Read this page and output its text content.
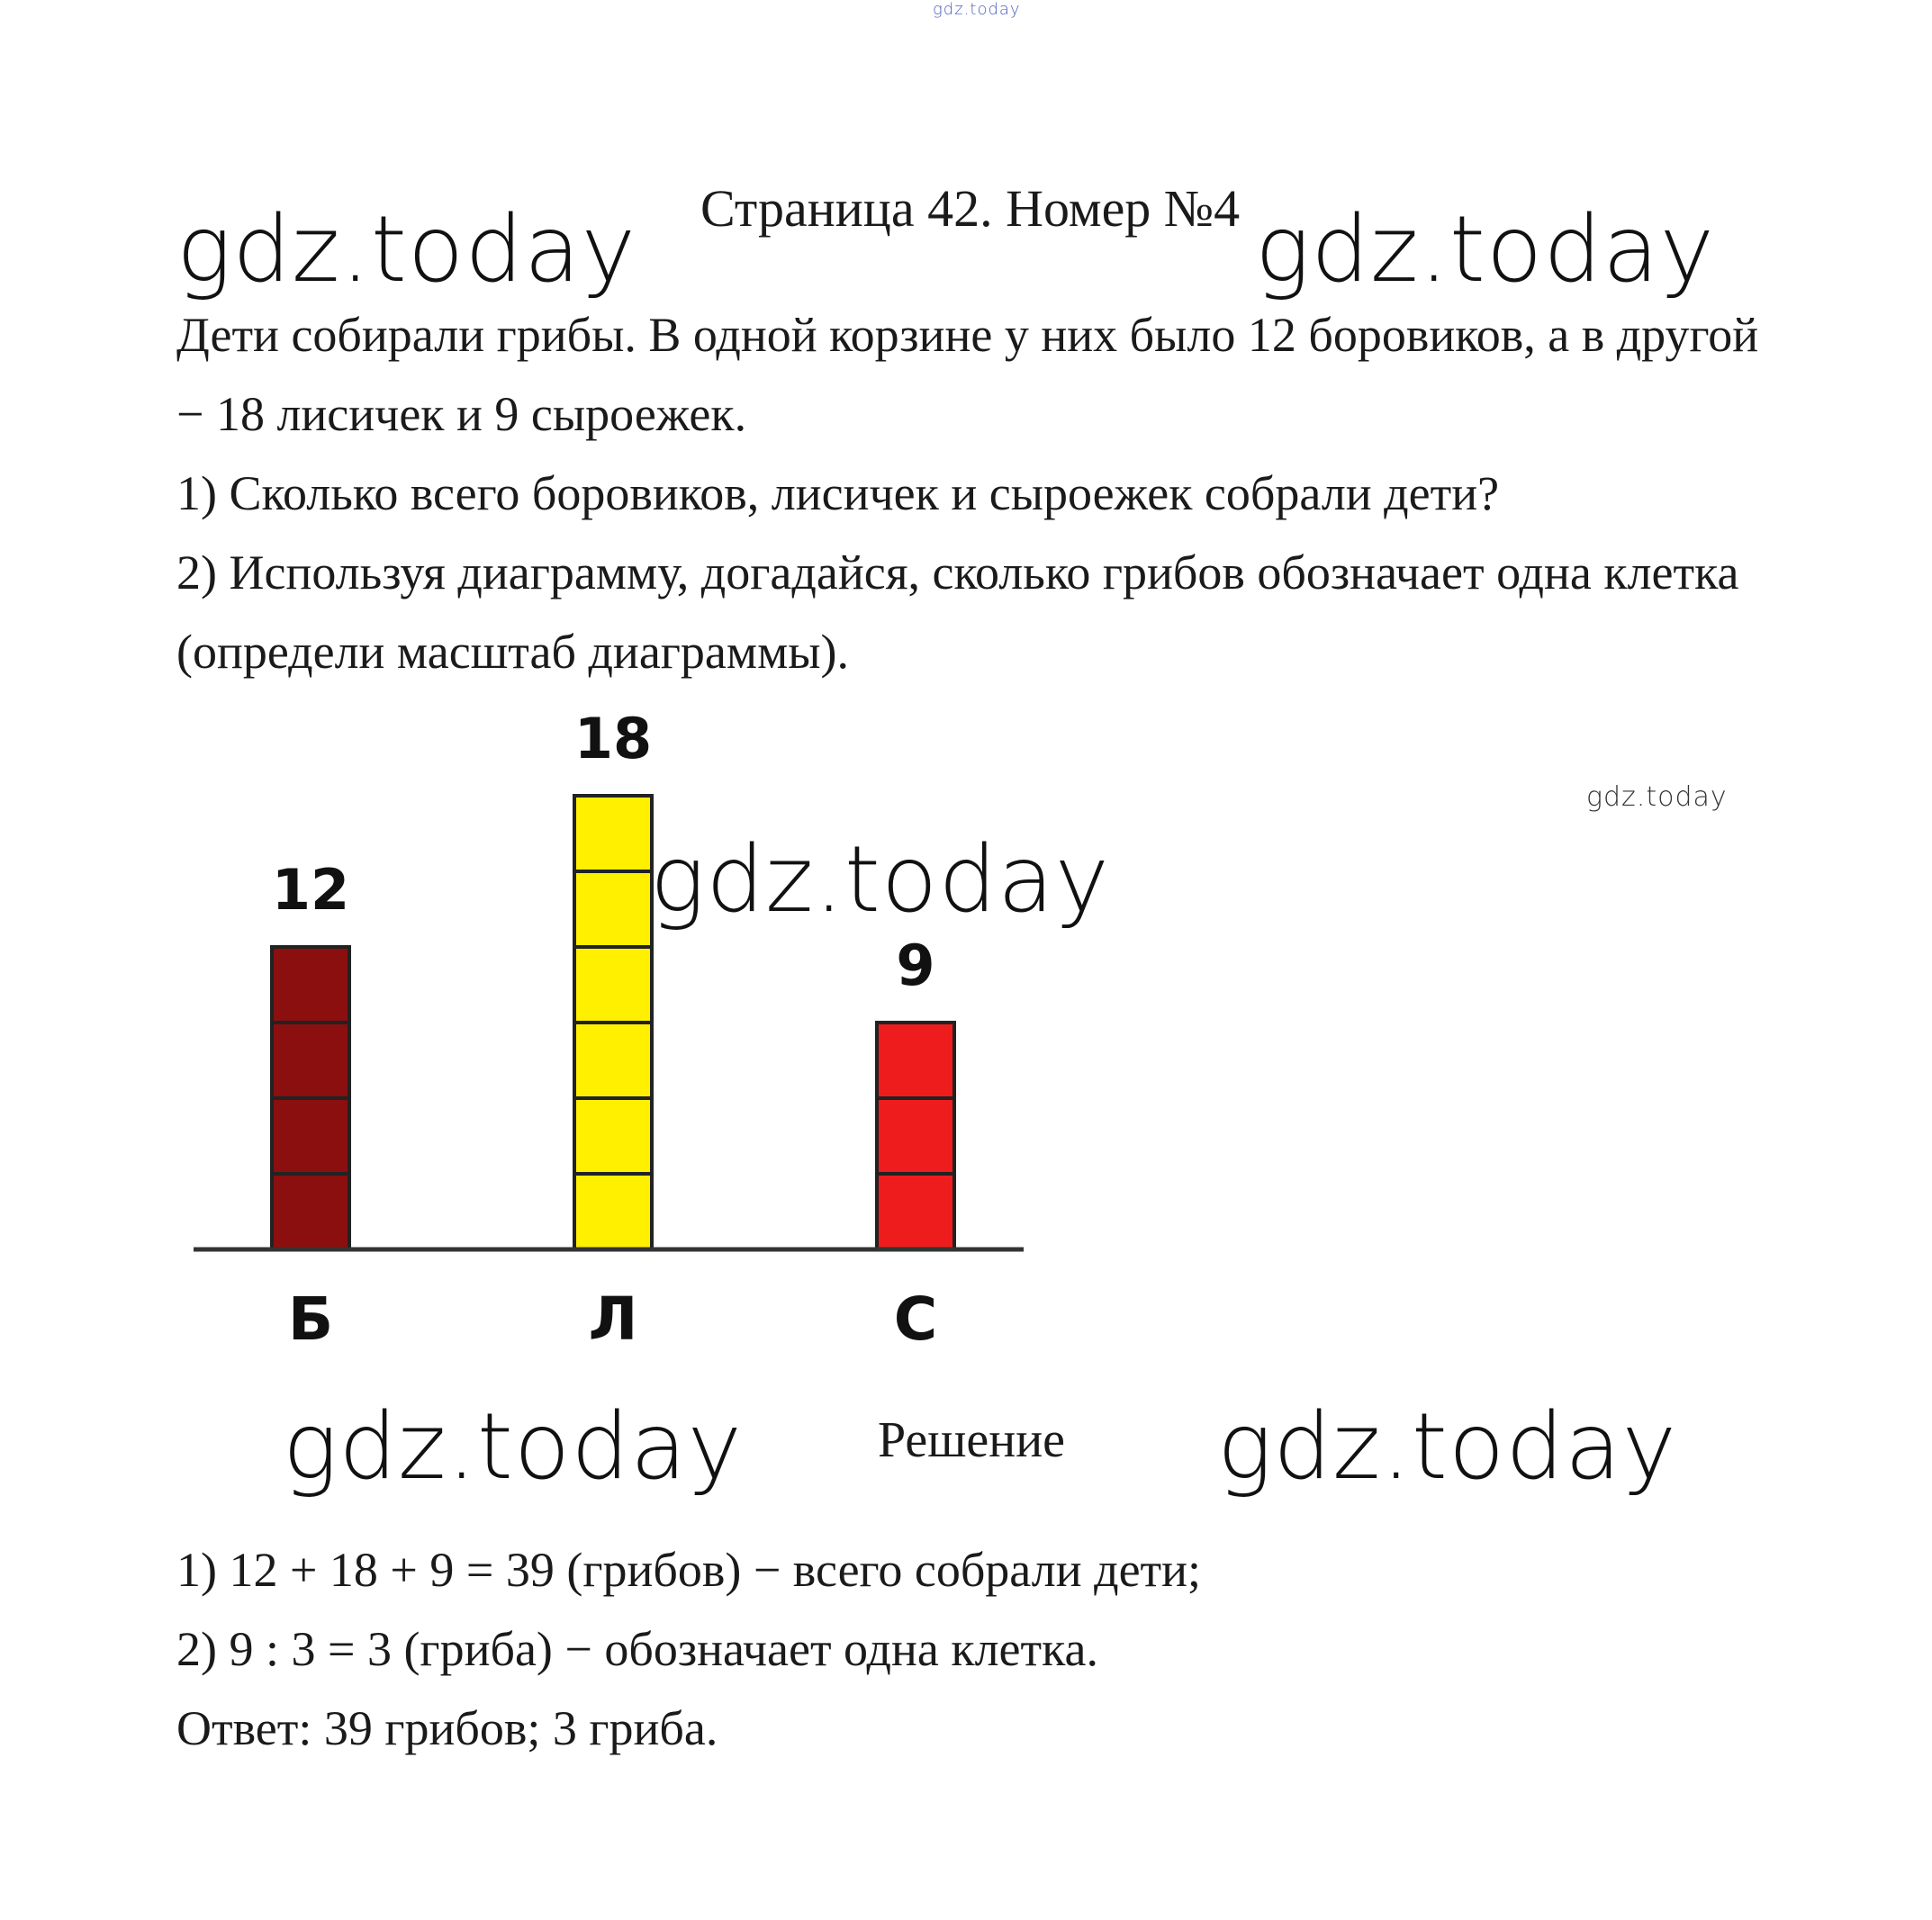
gdz.today
gdz.today	gdz.today
Страница 42. Номер №4

Дети собирали грибы. В одной корзине у них было 12 боровиков, а в другой − 18 лисичек и 9 сыроежек.

1) Сколько всего боровиков, лисичек и сыроежек собрали дети?

2) Используя диаграмму, догадайся, сколько грибов обозначает одна клетка (определи масштаб диаграммы).

gdz.today
12
Б
18
Л
9
С
gdz.today
gdz.today	Решение gdz.today

1) 12 + 18 + 9 = 39 (грибов) − всего собрали дети;

2) 9 : 3 = 3 (гриба) − обозначает одна клетка.

Ответ: 39 грибов; 3 гриба.
